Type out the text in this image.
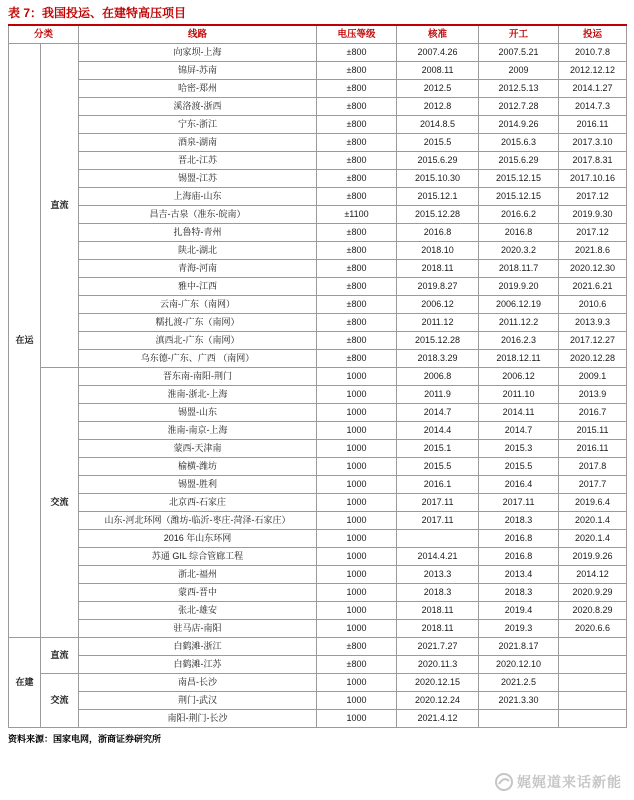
表 7：我国投运、在建特高压项目
分类		线路	电压等级	核准	开工	投运
在运	直流	向家坝-上海	±800	2007.4.26	2007.5.21	2010.7.8
		锦屏-苏南	±800	2008.11	2009	2012.12.12
		哈密-郑州	±800	2012.5	2012.5.13	2014.1.27
		溪洛渡-浙西	±800	2012.8	2012.7.28	2014.7.3
		宁东-浙江	±800	2014.8.5	2014.9.26	2016.11
		酒泉-湖南	±800	2015.5	2015.6.3	2017.3.10
		晋北-江苏	±800	2015.6.29	2015.6.29	2017.8.31
		锡盟-江苏	±800	2015.10.30	2015.12.15	2017.10.16
		上海庙-山东	±800	2015.12.1	2015.12.15	2017.12
		昌吉-古泉（准东-皖南）	±1100	2015.12.28	2016.6.2	2019.9.30
		扎鲁特-青州	±800	2016.8	2016.8	2017.12
		陕北-湖北	±800	2018.10	2020.3.2	2021.8.6
		青海-河南	±800	2018.11	2018.11.7	2020.12.30
		雅中-江西	±800	2019.8.27	2019.9.20	2021.6.21
		云南-广东（南网）	±800	2006.12	2006.12.19	2010.6
		糯扎渡-广东（南网）	±800	2011.12	2011.12.2	2013.9.3
		滇西北-广东（南网）	±800	2015.12.28	2016.2.3	2017.12.27
		乌东德-广东、广西 （南网）	±800	2018.3.29	2018.12.11	2020.12.28
	交流	晋东南-南阳-荆门	1000	2006.8	2006.12	2009.1
		淮南-浙北-上海	1000	2011.9	2011.10	2013.9
		锡盟-山东	1000	2014.7	2014.11	2016.7
		淮南-南京-上海	1000	2014.4	2014.7	2015.11
		蒙西-天津南	1000	2015.1	2015.3	2016.11
		榆横-潍坊	1000	2015.5	2015.5	2017.8
		锡盟-胜利	1000	2016.1	2016.4	2017.7
		北京西-石家庄	1000	2017.11	2017.11	2019.6.4
		山东-河北环网（潍坊-临沂-枣庄-菏泽-石家庄）	1000	2017.11	2018.3	2020.1.4
		2016 年山东环网	1000		2016.8	2020.1.4
		苏通 GIL 综合管廊工程	1000	2014.4.21	2016.8	2019.9.26
		浙北-福州	1000	2013.3	2013.4	2014.12
		蒙西-晋中	1000	2018.3	2018.3	2020.9.29
		张北-雄安	1000	2018.11	2019.4	2020.8.29
		驻马店-南阳	1000	2018.11	2019.3	2020.6.6
在建	直流	白鹤滩-浙江	±800	2021.7.27	2021.8.17	
		白鹤滩-江苏	±800	2020.11.3	2020.12.10	
	交流	南昌-长沙	1000	2020.12.15	2021.2.5	
		荆门-武汉	1000	2020.12.24	2021.3.30	
		南阳-荆门-长沙	1000	2021.4.12		
资料来源：国家电网，浙商证券研究所
娓娓道来话新能
